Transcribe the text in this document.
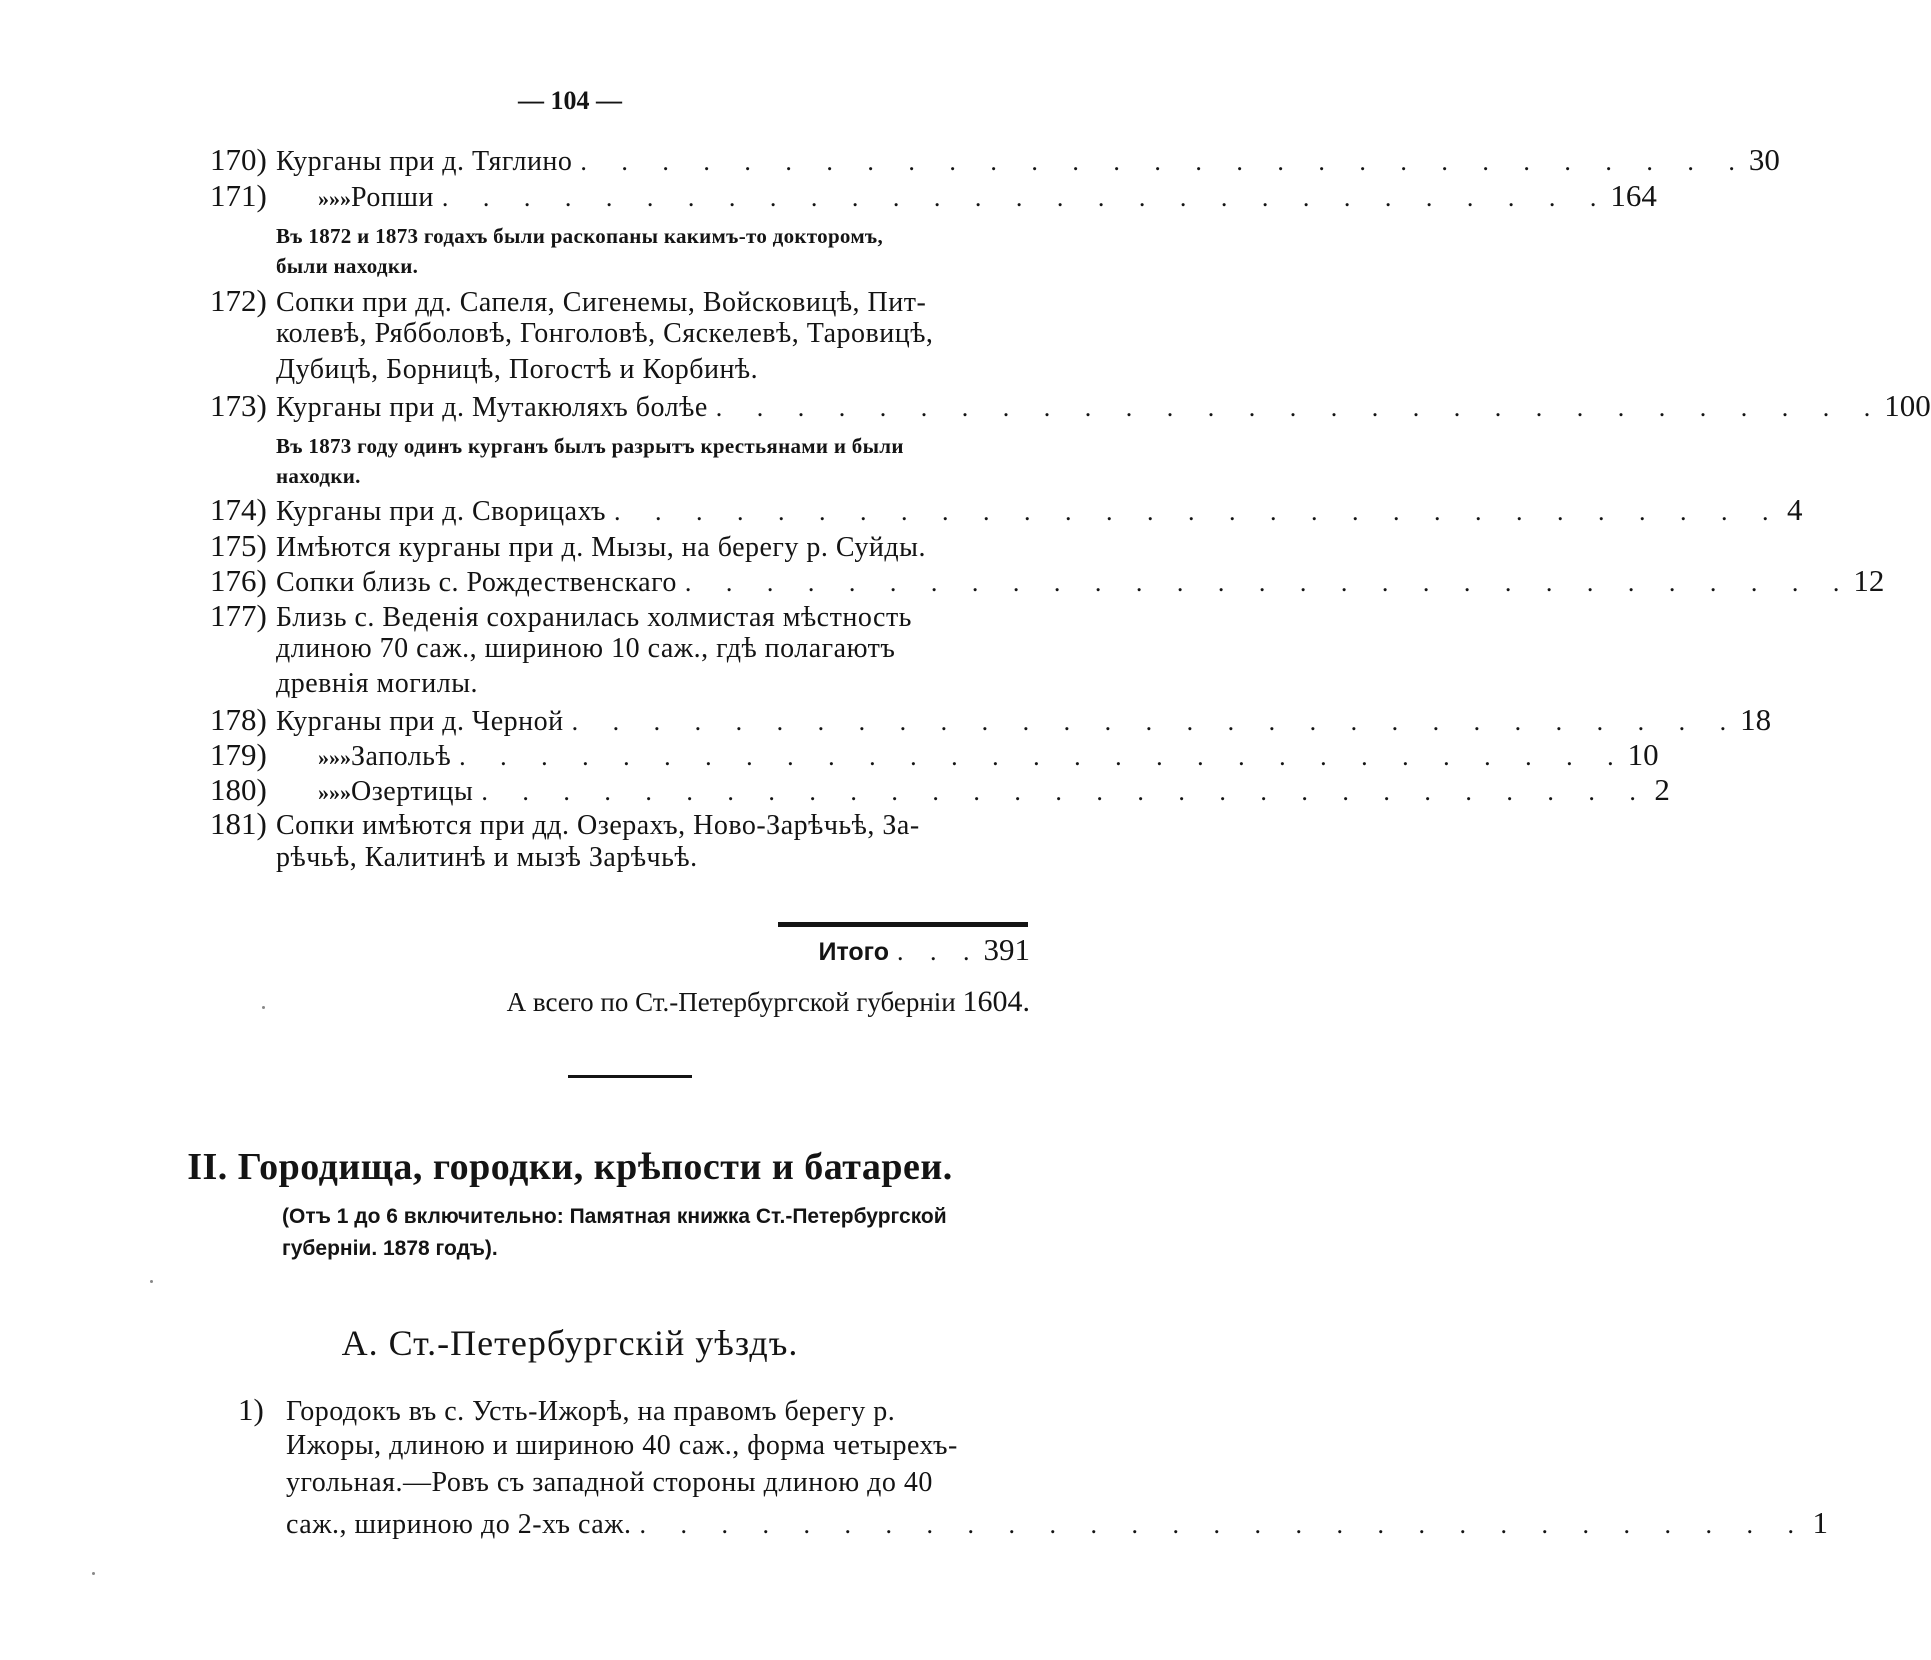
— 104 —
170) Курганы при д. Тяглино . . . . . . . . . . . . . . . . . . . . . . . . . . . . . 30
171)	» » » Ропши . . . . . . . . . . . . . . . . . . . . . . . . . . . . . 164
Въ 1872 и 1873 годахъ были раскопаны какимъ-то докторомъ,
были находки.
172) Сопки при дд. Сапеля, Сигенемы, Войсковицѣ, Пит-
колевѣ, Рябболовѣ, Гонголовѣ, Сяскелевѣ, Таровицѣ,
Дубицѣ, Борницѣ, Погостѣ и Корбинѣ.
173) Курганы при д. Мутакюляхъ болѣе . . . . . . . . . . . . . . . . . . . . . . . . . . . . . 100
Въ 1873 году одинъ курганъ былъ разрытъ крестьянами и были
находки.
174) Курганы при д. Сворицахъ . . . . . . . . . . . . . . . . . . . . . . . . . . . . . 4
175) Имѣются курганы при д. Мызы, на берегу р. Суйды.
176) Сопки близь с. Рождественскаго . . . . . . . . . . . . . . . . . . . . . . . . . . . . . 12
177) Близь с. Веденія сохранилась холмистая мѣстность
длиною 70 саж., шириною 10 саж., гдѣ полагаютъ
древнія могилы.
178) Курганы при д. Черной . . . . . . . . . . . . . . . . . . . . . . . . . . . . . 18
179)	» » » Запольѣ . . . . . . . . . . . . . . . . . . . . . . . . . . . . . 10
180)	» » » Озертицы . . . . . . . . . . . . . . . . . . . . . . . . . . . . . 2
181) Сопки имѣются при дд. Озерахъ, Ново-Зарѣчьѣ, За-
рѣчьѣ, Калитинѣ и мызѣ Зарѣчьѣ.
Итого . . . 391
А всего по Ст.-Петербургской губерніи 1604.
II. Городища, городки, крѣпости и батареи.
(Отъ 1 до 6 включительно: Памятная книжка Ст.-Петербургской
губерніи. 1878 годъ).
А. Ст.-Петербургскій уѣздъ.
1) Городокъ въ с. Усть-Ижорѣ, на правомъ берегу р.
Ижоры, длиною и шириною 40 саж., форма четырехъ-
угольная.—Ровъ съ западной стороны длиною до 40
саж., шириною до 2-хъ саж. . . . . . . . . . . . . . . . . . . . . . . . . . . . . . 1
